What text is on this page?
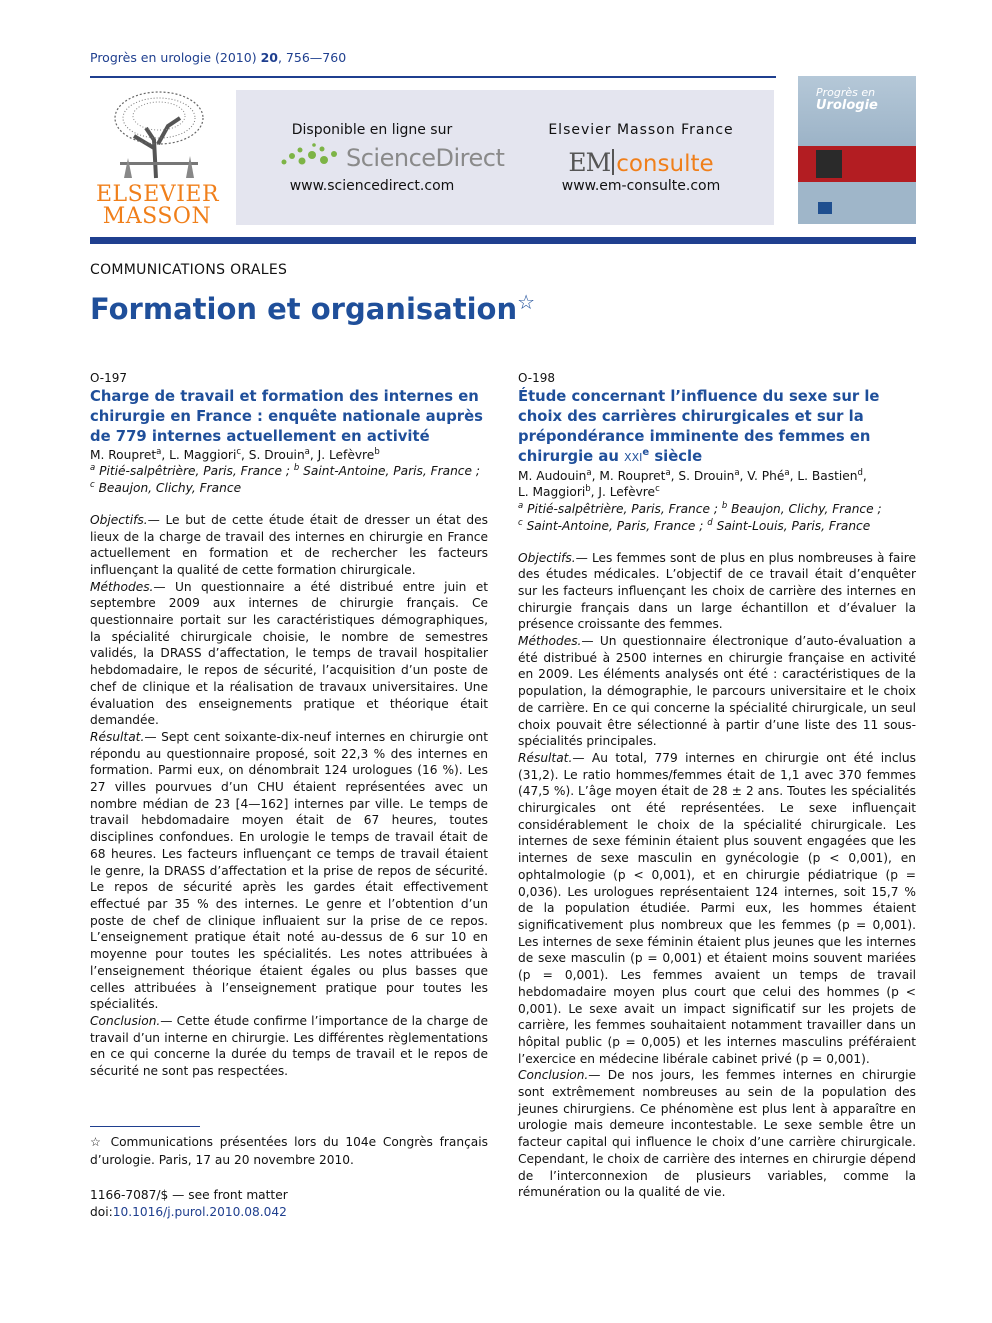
Progrès en urologie (2010) 20, 756—760
ELSEVIER
MASSON
Disponible en ligne sur
ScienceDirect
www.sciencedirect.com
Elsevier Masson France
EM consulte
www.em-consulte.com
Progrès en
Urologie
COMMUNICATIONS ORALES
Formation et organisation☆
O-197

Charge de travail et formation des internes en chirurgie en France : enquête nationale auprès de 779 internes actuellement en activité

M. Roupret$^a$, L. Maggiori$^c$, S. Drouin$^a$, J. Lefèvre$^b$

$^a$ Pitié-salpêtrière, Paris, France ; $^b$ Saint-Antoine, Paris, France ;
$^c$ Beaujon, Clichy, France

Objectifs.— Le but de cette étude était de dresser un état des lieux de la charge de travail des internes en chirurgie en France actuellement en formation et de rechercher les facteurs influençant la qualité de cette formation chirurgicale.

Méthodes.— Un questionnaire a été distribué entre juin et septembre 2009 aux internes de chirurgie français. Ce questionnaire portait sur les caractéristiques démographiques, la spécialité chirurgicale choisie, le nombre de semestres validés, la DRASS d’affectation, le temps de travail hospitalier hebdomadaire, le repos de sécurité, l’acquisition d’un poste de chef de clinique et la réalisation de travaux universitaires. Une évaluation des enseignements pratique et théorique était demandée.

Résultat.— Sept cent soixante-dix-neuf internes en chirurgie ont répondu au questionnaire proposé, soit 22,3 % des internes en formation. Parmi eux, on dénombrait 124 urologues (16 %). Les 27 villes pourvues d’un CHU étaient représentées avec un nombre médian de 23 [4—162] internes par ville. Le temps de travail hebdomadaire moyen était de 67 heures, toutes disciplines confondues. En urologie le temps de travail était de 68 heures. Les facteurs influençant ce temps de travail étaient le genre, la DRASS d’affectation et la prise de repos de sécurité. Le repos de sécurité après les gardes était effectivement effectué par 35 % des internes. Le genre et l’obtention d’un poste de chef de clinique influaient sur la prise de ce repos. L’enseignement pratique était noté au-dessus de 6 sur 10 en moyenne pour toutes les spécialités. Les notes attribuées à l’enseignement théorique étaient égales ou plus basses que celles attribuées à l’enseignement pratique pour toutes les spécialités.

Conclusion.— Cette étude confirme l’importance de la charge de travail d’un interne en chirurgie. Les différentes règlementations en ce qui concerne la durée du temps de travail et le repos de sécurité ne sont pas respectées.

O-198

Étude concernant l’influence du sexe sur le choix des carrières chirurgicales et sur la prépondérance imminente des femmes en chirurgie au XXIe siècle

M. Audouin$^a$, M. Roupret$^a$, S. Drouin$^a$, V. Phé$^a$, L. Bastien$^d$,
L. Maggiori$^b$, J. Lefèvre$^c$

$^a$ Pitié-salpêtrière, Paris, France ; $^b$ Beaujon, Clichy, France ;
$^c$ Saint-Antoine, Paris, France ; $^d$ Saint-Louis, Paris, France

Objectifs.— Les femmes sont de plus en plus nombreuses à faire des études médicales. L’objectif de ce travail était d’enquêter sur les facteurs influençant les choix de carrière des internes en chirurgie français dans un large échantillon et d’évaluer la présence croissante des femmes.

Méthodes.— Un questionnaire électronique d’auto-évaluation a été distribué à 2500 internes en chirurgie française en activité en 2009. Les éléments analysés ont été : caractéristiques de la population, la démographie, le parcours universitaire et le choix de carrière. En ce qui concerne la spécialité chirurgicale, un seul choix pouvait être sélectionné à partir d’une liste des 11 sous-spécialités principales.

Résultat.— Au total, 779 internes en chirurgie ont été inclus (31,2). Le ratio hommes/femmes était de 1,1 avec 370 femmes (47,5 %). L’âge moyen était de 28 ± 2 ans. Toutes les spécialités chirurgicales ont été représentées. Le sexe influençait considérablement le choix de la spécialité chirurgicale. Les internes de sexe féminin étaient plus souvent engagées que les internes de sexe masculin en gynécologie (p < 0,001), en ophtalmologie (p < 0,001), et en chirurgie pédiatrique (p = 0,036). Les urologues représentaient 124 internes, soit 15,7 % de la population étudiée. Parmi eux, les hommes étaient significativement plus nombreux que les femmes (p = 0,001). Les internes de sexe féminin étaient plus jeunes que les internes de sexe masculin (p = 0,001) et étaient moins souvent mariées (p = 0,001). Les femmes avaient un temps de travail hebdomadaire moyen plus court que celui des hommes (p < 0,001). Le sexe avait un impact significatif sur les projets de carrière, les femmes souhaitaient notamment travailler dans un hôpital public (p = 0,005) et les internes masculins préféraient l’exercice en médecine libérale cabinet privé (p = 0,001).

Conclusion.— De nos jours, les femmes internes en chirurgie sont extrêmement nombreuses au sein de la population des jeunes chirurgiens. Ce phénomène est plus lent à apparaître en urologie mais demeure incontestable. Le sexe semble être un facteur capital qui influence le choix d’une carrière chirurgicale. Cependant, le choix de carrière des internes en chirurgie dépend de l’interconnexion de plusieurs variables, comme la rémunération ou la qualité de vie.

☆ Communications présentées lors du 104e Congrès français d’urologie. Paris, 17 au 20 novembre 2010.
1166-7087/$ — see front matter
doi:10.1016/j.purol.2010.08.042
